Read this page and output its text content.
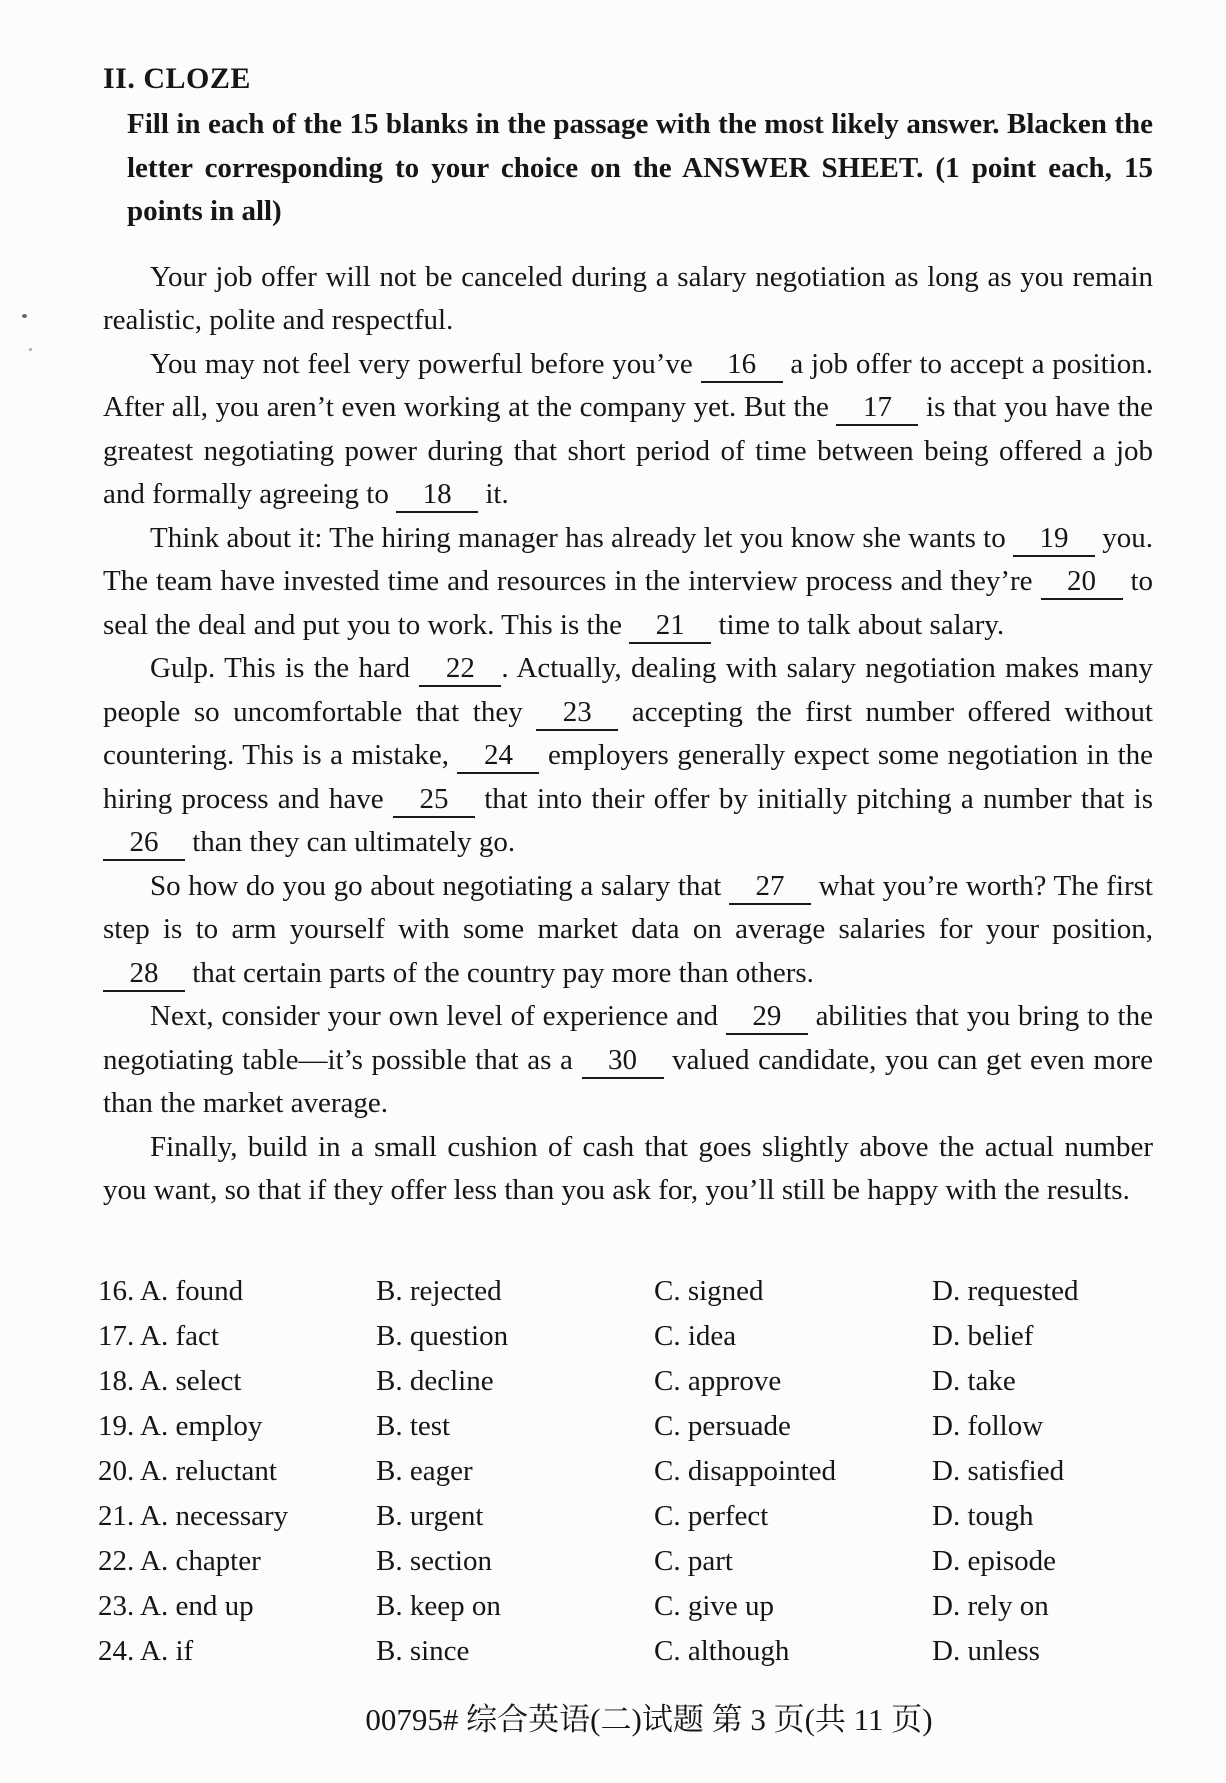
II. CLOZE

Fill in each of the 15 blanks in the passage with the most likely answer. Blacken the letter corresponding to your choice on the ANSWER SHEET. (1 point each, 15 points in all)

Your job offer will not be canceled during a salary negotiation as long as you remain realistic, polite and respectful.

You may not feel very powerful before you’ve 16 a job offer to accept a position. After all, you aren’t even working at the company yet. But the 17 is that you have the greatest negotiating power during that short period of time between being offered a job and formally agreeing to 18 it.

Think about it: The hiring manager has already let you know she wants to 19 you. The team have invested time and resources in the interview process and they’re 20 to seal the deal and put you to work. This is the 21 time to talk about salary.

Gulp. This is the hard 22 . Actually, dealing with salary negotiation makes many people so uncomfortable that they 23 accepting the first number offered without countering. This is a mistake, 24 employers generally expect some negotiation in the hiring process and have 25 that into their offer by initially pitching a number that is 26 than they can ultimately go.

So how do you go about negotiating a salary that 27 what you’re worth? The first step is to arm yourself with some market data on average salaries for your position, 28 that certain parts of the country pay more than others.

Next, consider your own level of experience and 29 abilities that you bring to the negotiating table—it’s possible that as a 30 valued candidate, you can get even more than the market average.

Finally, build in a small cushion of cash that goes slightly above the actual number you want, so that if they offer less than you ask for, you’ll still be happy with the results.

16. A. found	B. rejected	C. signed	D. requested
17. A. fact	B. question	C. idea	D. belief
18. A. select	B. decline	C. approve	D. take
19. A. employ	B. test	C. persuade	D. follow
20. A. reluctant	B. eager	C. disappointed	D. satisfied
21. A. necessary	B. urgent	C. perfect	D. tough
22. A. chapter	B. section	C. part	D. episode
23. A. end up	B. keep on	C. give up	D. rely on
24. A. if	B. since	C. although	D. unless
00795# 综合英语(二)试题 第 3 页(共 11 页)
